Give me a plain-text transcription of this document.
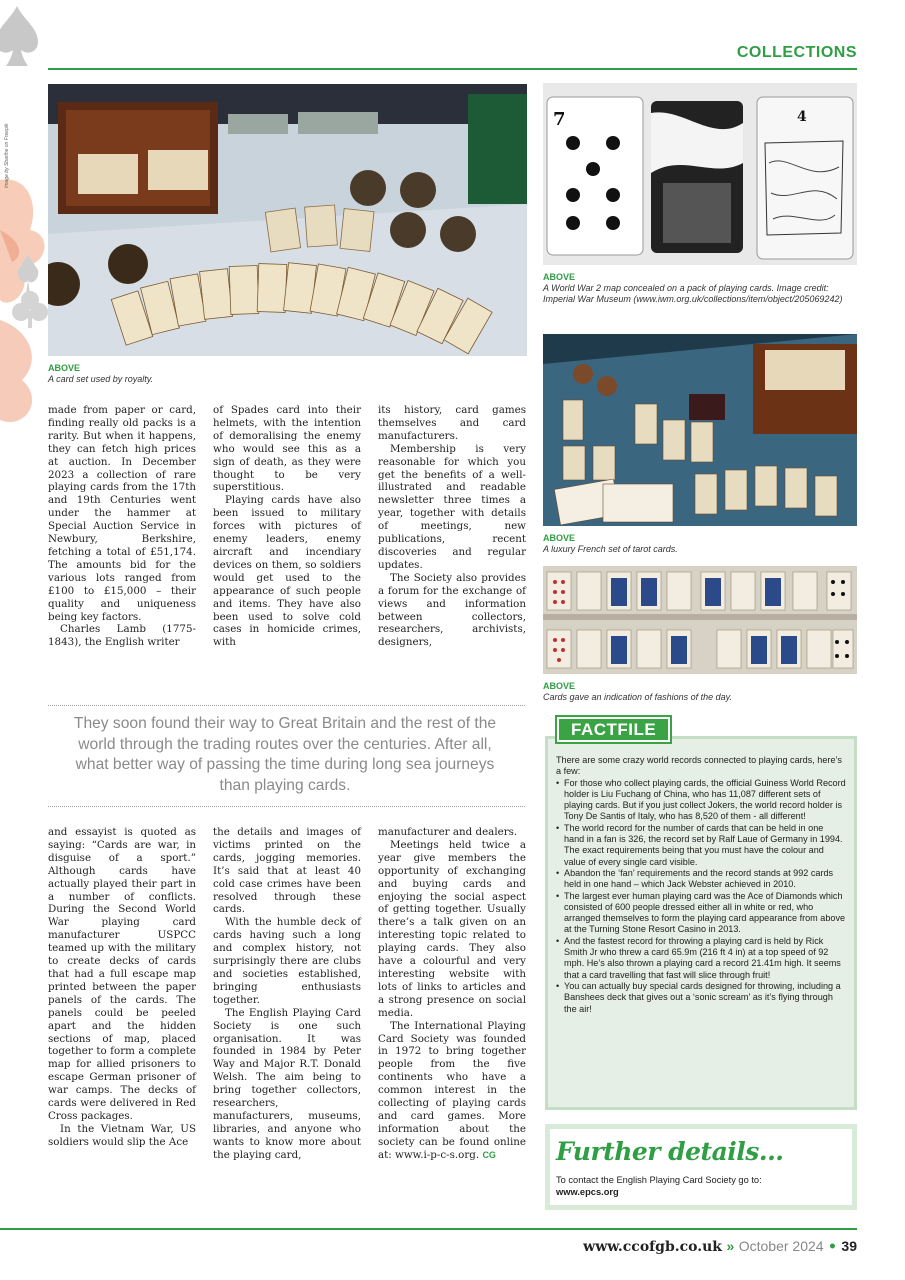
Image by Sbarthe on Freepik
COLLECTIONS
ABOVE
A card set used by royalty.
7	4
ABOVE
A World War 2 map concealed on a pack of playing cards. Image credit: Imperial War Museum (www.iwm.org.uk/collections/item/object/205069242)
ABOVE
A luxury French set of tarot cards.
ABOVE
Cards gave an indication of fashions of the day.

made from paper or card, finding really old packs is a rarity. But when it happens, they can fetch high prices at auction. In December 2023 a collection of rare playing cards from the 17th and 19th Centuries went under the hammer at Special Auction Service in Newbury, Berkshire, fetching a total of £51,174. The amounts bid for the various lots ranged from £100 to £15,000 – their quality and uniqueness being key factors.

Charles Lamb (1775-1843), the English writer

of Spades card into their helmets, with the intention of demoralising the enemy who would see this as a sign of death, as they were thought to be very superstitious.

Playing cards have also been issued to military forces with pictures of enemy leaders, enemy aircraft and incendiary devices on them, so soldiers would get used to the appearance of such people and items. They have also been used to solve cold cases in homicide crimes, with

its history, card games themselves and card manufacturers.

Membership is very reasonable for which you get the benefits of a well-illustrated and readable newsletter three times a year, together with details of meetings, new publications, recent discoveries and regular updates.

The Society also provides a forum for the exchange of views and information between collectors, researchers, archivists, designers,

They soon found their way to Great Britain and the rest of the world through the trading routes over the centuries. After all, what better way of passing the time during long sea journeys than playing cards.

and essayist is quoted as saying: “Cards are war, in disguise of a sport.” Although cards have actually played their part in a number of conflicts. During the Second World War playing card manufacturer USPCC teamed up with the military to create decks of cards that had a full escape map printed between the paper panels of the cards. The panels could be peeled apart and the hidden sections of map, placed together to form a complete map for allied prisoners to escape German prisoner of war camps. The decks of cards were delivered in Red Cross packages.

In the Vietnam War, US soldiers would slip the Ace

the details and images of victims printed on the cards, jogging memories. It’s said that at least 40 cold case crimes have been resolved through these cards.

With the humble deck of cards having such a long and complex history, not surprisingly there are clubs and societies established, bringing enthusiasts together.

The English Playing Card Society is one such organisation. It was founded in 1984 by Peter Way and Major R.T. Donald Welsh. The aim being to bring together collectors, researchers, manufacturers, museums, libraries, and anyone who wants to know more about the playing card,

manufacturer and dealers.

Meetings held twice a year give members the opportunity of exchanging and buying cards and enjoying the social aspect of getting together. Usually there’s a talk given on an interesting topic related to playing cards. They also have a colourful and very interesting website with lots of links to articles and a strong presence on social media.

The International Playing Card Society was founded in 1972 to bring together people from the five continents who have a common interest in the collecting of playing cards and card games. More information about the society can be found online at: www.i-p-c-s.org. CG

There are some crazy world records connected to playing cards, here’s a few:
• For those who collect playing cards, the official Guiness World Record holder is Liu Fuchang of China, who has 11,087 different sets of playing cards. But if you just collect Jokers, the world record holder is Tony De Santis of Italy, who has 8,520 of them - all different!
• The world record for the number of cards that can be held in one hand in a fan is 326, the record set by Ralf Laue of Germany in 1994. The exact requirements being that you must have the colour and value of every single card visible.
• Abandon the ‘fan’ requirements and the record stands at 992 cards held in one hand – which Jack Webster achieved in 2010.
• The largest ever human playing card was the Ace of Diamonds which consisted of 600 people dressed either all in white or red, who arranged themselves to form the playing card appearance from above at the Turning Stone Resort Casino in 2013.
• And the fastest record for throwing a playing card is held by Rick Smith Jr who threw a card 65.9m (216 ft 4 in) at a top speed of 92 mph. He’s also thrown a playing card a record 21.41m high. It seems that a card travelling that fast will slice through fruit!
• You can actually buy special cards designed for throwing, including a Banshees deck that gives out a ‘sonic scream’ as it’s flying through the air!
FACTFILE
Further details...
To contact the English Playing Card Society go to:
www.epcs.org
www.ccofgb.co.uk » October 2024 • 39
